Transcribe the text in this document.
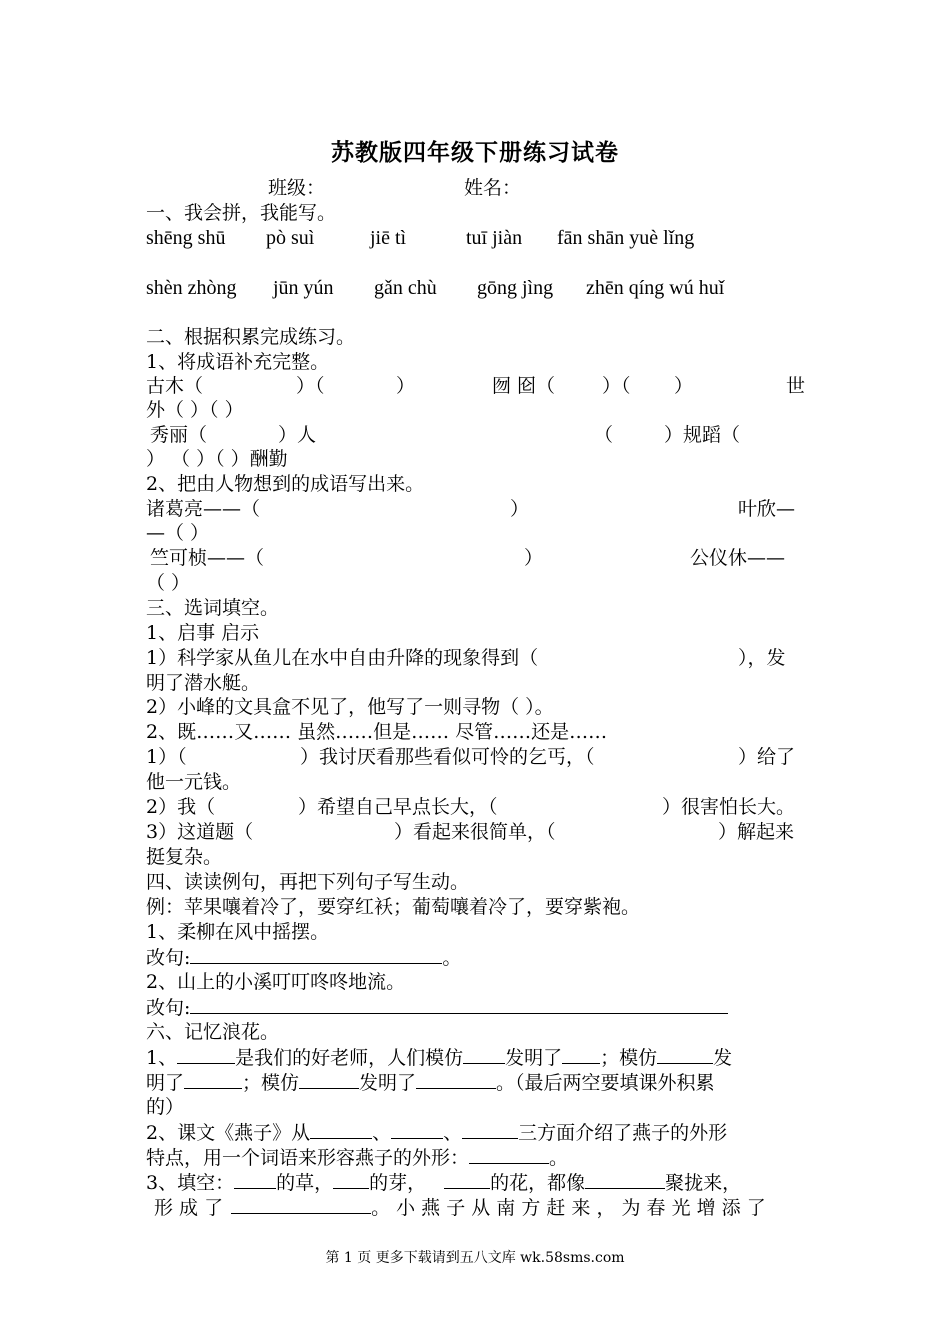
苏教版四年级下册练习试卷
班级：	姓名：
一、我会拼，我能写。
shēng shū pò suì	jiē tì	tuī jiàn fān shān yuè lǐng
shèn zhòng jūn yún gǎn chù gōng jìng zhēn qíng wú huǐ
二、根据积累完成练习。
1、将成语补充完整。
古木（	）（	）	囫 囵（ ）（ ）	世
外（ ）（ ）
秀丽（	）人	（	）规蹈（
） （ ）（ ）酬勤
2、把由人物想到的成语写出来。
诸葛亮——（	）	叶欣—
—（ ）
竺可桢——（	）	公仪休——
（ ）
三、选词填空。
1、启事 启示
1）科学家从鱼儿在水中自由升降的现象得到（	），发
明了潜水艇。
2）小峰的文具盒不见了，他写了一则寻物（ ）。
2、既……又…… 虽然……但是…… 尽管……还是……
1）（	）我讨厌看那些看似可怜的乞丐，（	）给了
他一元钱。
2）我（	）希望自己早点长大，（	）很害怕长大。
3）这道题（	）看起来很简单，（	）解起来
挺复杂。
四、读读例句，再把下列句子写生动。
例：苹果嚷着冷了，要穿红袄；葡萄嚷着冷了，要穿紫袍。
1、柔柳在风中摇摆。
改句:	。
2、山上的小溪叮叮咚咚地流。
改句:
六、记忆浪花。
1、	是我们的好老师，人们模仿 发明了 ；模仿	发
明了	；模仿	发明了	。（最后两空要填课外积累
的）
2、课文《燕子》从	、	、	三方面介绍了燕子的外形
特点，用一个词语来形容燕子的外形：	。
3、填空： 的草， 的芽，	的花，都像	聚拢来，
形 成 了	。 小 燕 子 从 南 方 赶 来 ， 为 春 光 增 添 了
第 1 页 更多下载请到五八文库 wk.58sms.com
